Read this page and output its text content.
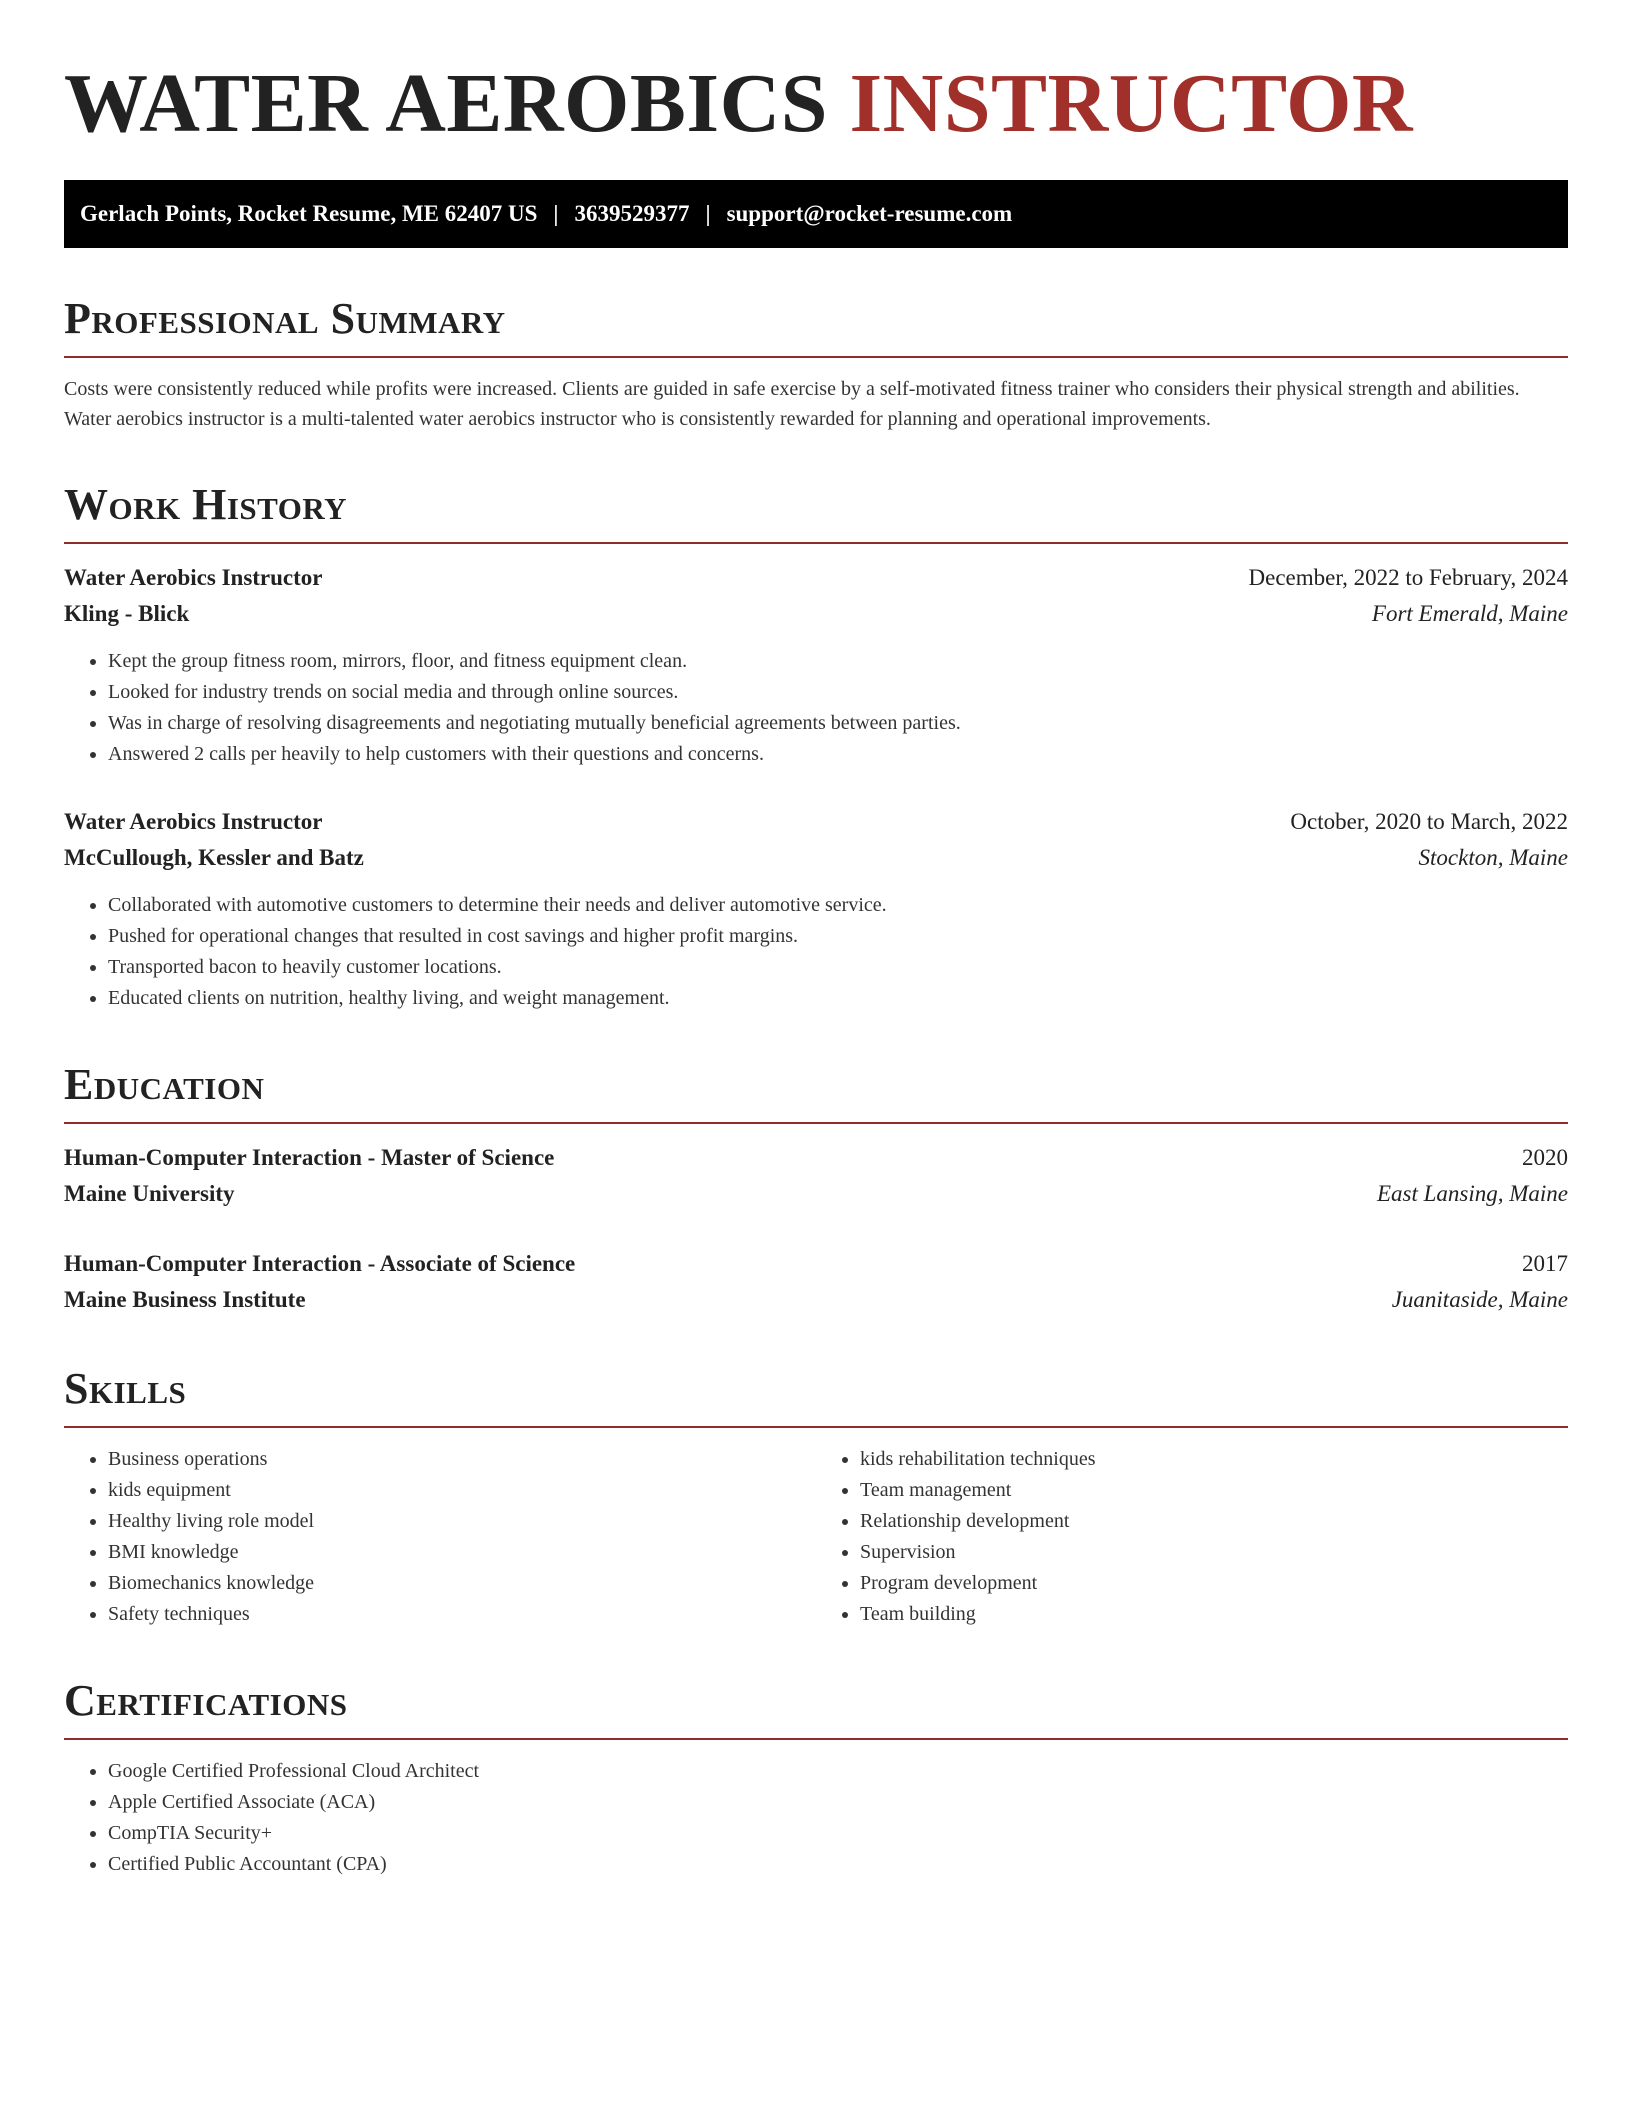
WATER AEROBICS INSTRUCTOR
Gerlach Points, Rocket Resume, ME 62407 US | 3639529377 | support@rocket-resume.com
Professional Summary

Costs were consistently reduced while profits were increased. Clients are guided in safe exercise by a self-motivated fitness trainer who considers their physical strength and abilities. Water aerobics instructor is a multi-talented water aerobics instructor who is consistently rewarded for planning and operational improvements.

Work History
Water Aerobics Instructor	December, 2022 to February, 2024
Kling - Blick	Fort Emerald, Maine
• Kept the group fitness room, mirrors, floor, and fitness equipment clean.
• Looked for industry trends on social media and through online sources.
• Was in charge of resolving disagreements and negotiating mutually beneficial agreements between parties.
• Answered 2 calls per heavily to help customers with their questions and concerns.
Water Aerobics Instructor	October, 2020 to March, 2022
McCullough, Kessler and Batz	Stockton, Maine
• Collaborated with automotive customers to determine their needs and deliver automotive service.
• Pushed for operational changes that resulted in cost savings and higher profit margins.
• Transported bacon to heavily customer locations.
• Educated clients on nutrition, healthy living, and weight management.
Education
Human-Computer Interaction - Master of Science	2020
Maine University	East Lansing, Maine
Human-Computer Interaction - Associate of Science	2017
Maine Business Institute	Juanitaside, Maine
Skills
• Business operations
• kids equipment
• Healthy living role model
• BMI knowledge
• Biomechanics knowledge
• Safety techniques
• kids rehabilitation techniques
• Team management
• Relationship development
• Supervision
• Program development
• Team building
Certifications
• Google Certified Professional Cloud Architect
• Apple Certified Associate (ACA)
• CompTIA Security+
• Certified Public Accountant (CPA)
